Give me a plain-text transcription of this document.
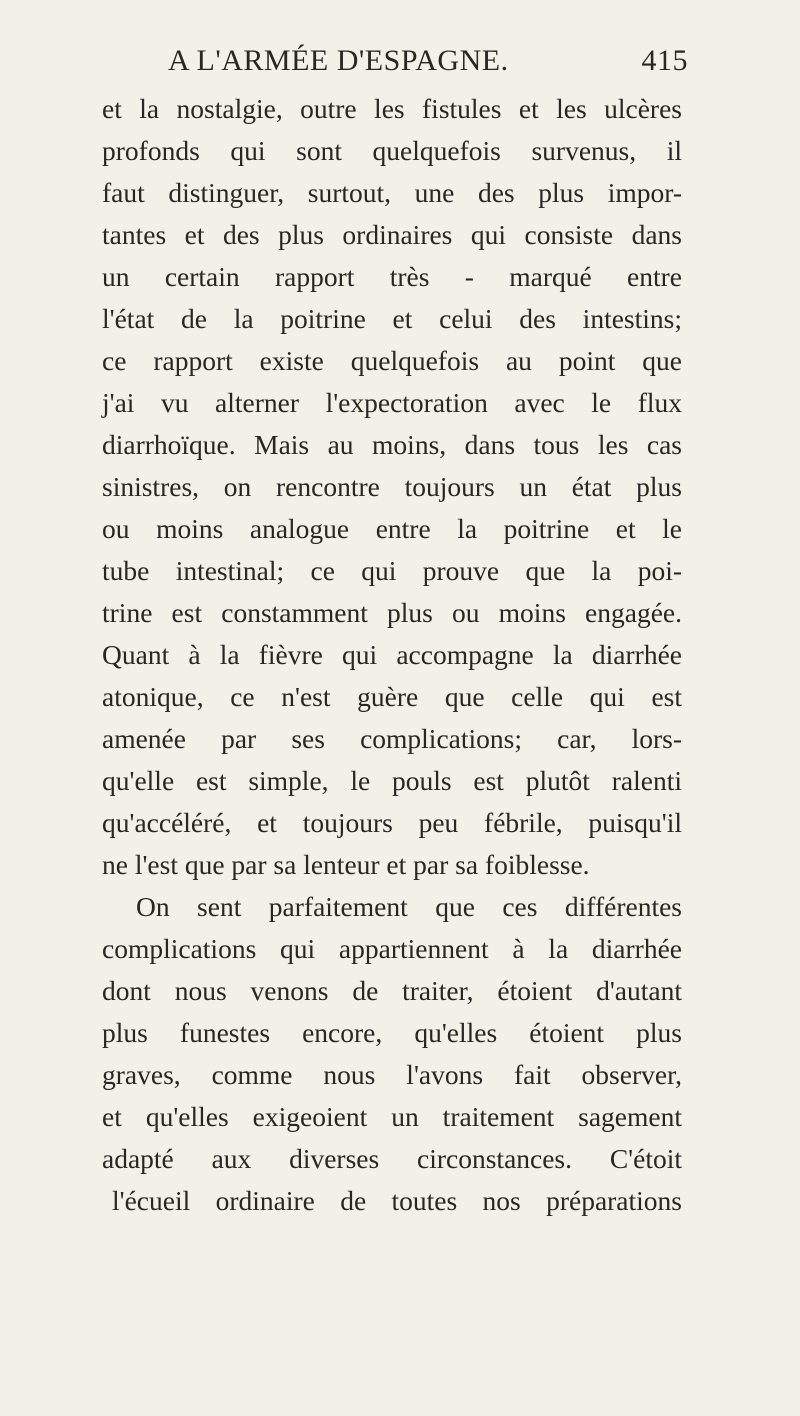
A L'ARMÉE D'ESPAGNE.	415
et la nostalgie, outre les fistules et les ulcères
profonds qui sont quelquefois survenus, il
faut distinguer, surtout, une des plus impor-
tantes et des plus ordinaires qui consiste dans
un certain rapport très - marqué entre
l'état de la poitrine et celui des intestins;
ce rapport existe quelquefois au point que
j'ai vu alterner l'expectoration avec le flux
diarrhoïque. Mais au moins, dans tous les cas
sinistres, on rencontre toujours un état plus
ou moins analogue entre la poitrine et le
tube intestinal; ce qui prouve que la poi-
trine est constamment plus ou moins engagée.
Quant à la fièvre qui accompagne la diarrhée
atonique, ce n'est guère que celle qui est
amenée par ses complications; car, lors-
qu'elle est simple, le pouls est plutôt ralenti
qu'accéléré, et toujours peu fébrile, puisqu'il
ne l'est que par sa lenteur et par sa foiblesse.
On sent parfaitement que ces différentes
complications qui appartiennent à la diarrhée
dont nous venons de traiter, étoient d'autant
plus funestes encore, qu'elles étoient plus
graves, comme nous l'avons fait observer,
et qu'elles exigeoient un traitement sagement
adapté aux diverses circonstances. C'étoit
l'écueil ordinaire de toutes nos préparations
